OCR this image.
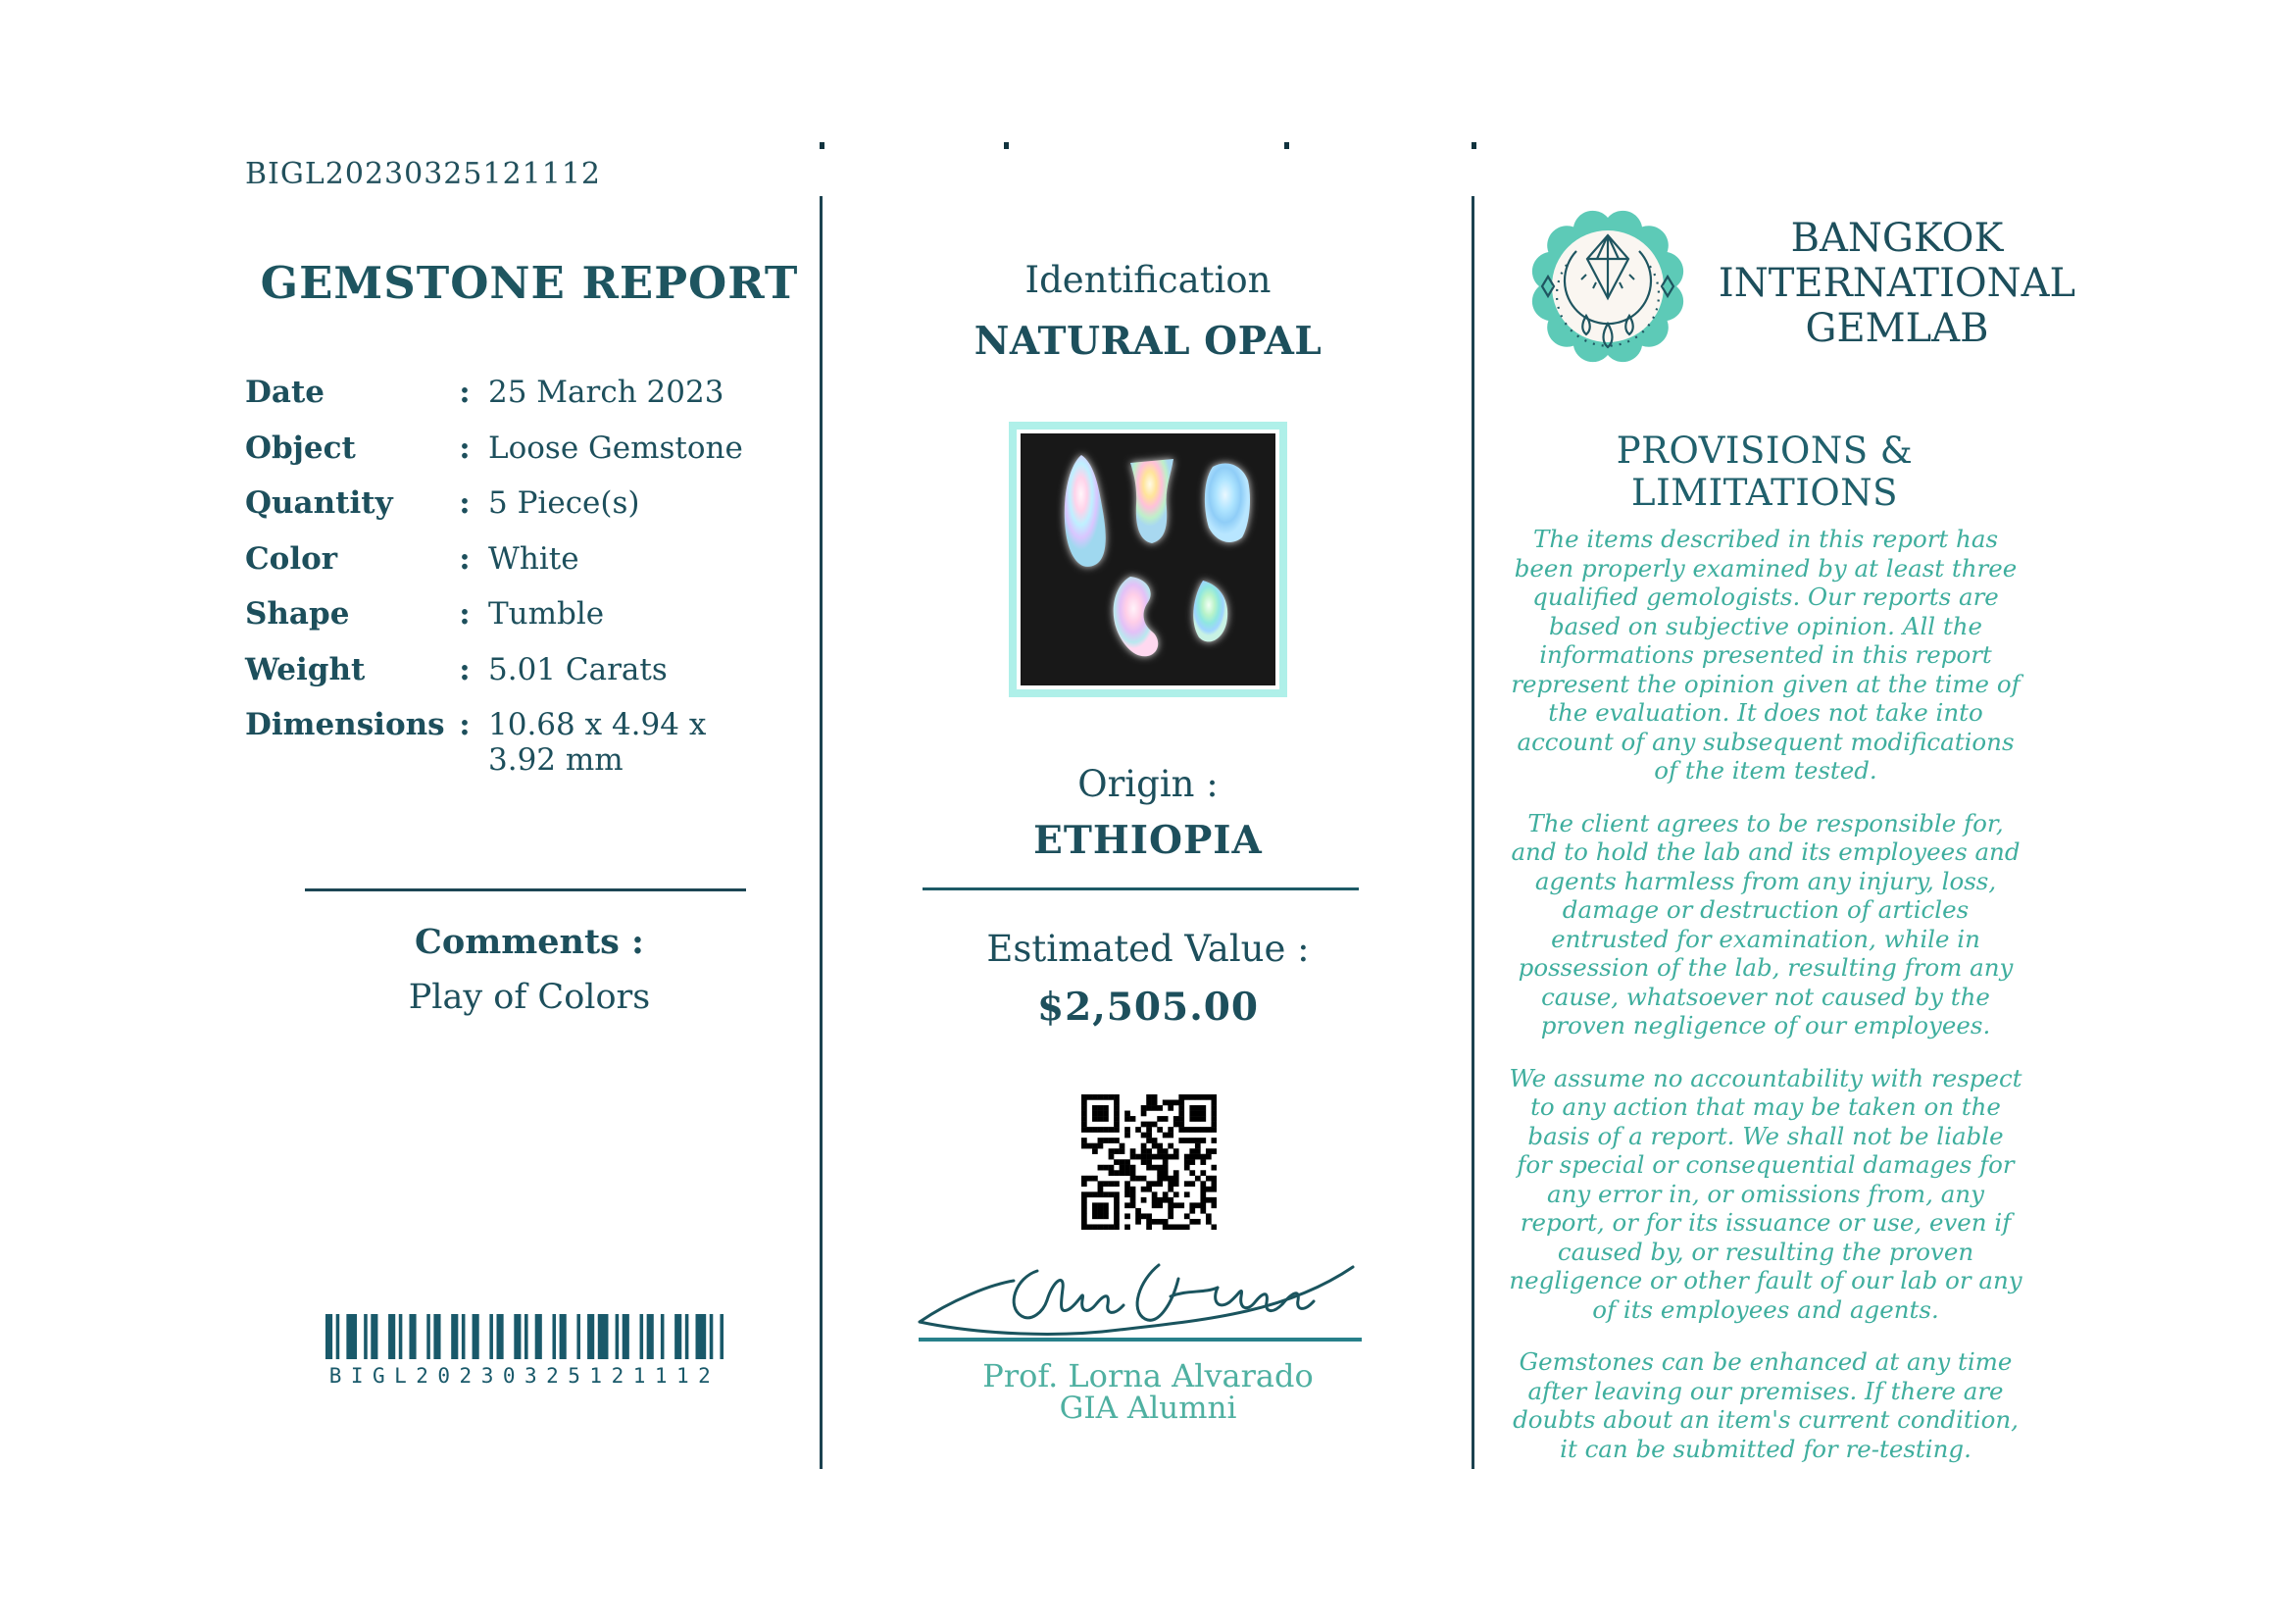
BIGL20230325121112
GEMSTONE REPORT
Date	: 25 March 2023
Object	: Loose Gemstone
Quantity	: 5 Piece(s)
Color	: White
Shape	: Tumble
Weight	: 5.01 Carats
Dimensions : 10.68 x 4.94 x 3.92 mm
Comments :
Play of Colors
BIGL20230325121112
Identification
NATURAL OPAL
Origin :
ETHIOPIA
Estimated Value :
$2,505.00
Prof. Lorna Alvarado
GIA Alumni
BANGKOK
INTERNATIONAL
GEMLAB
PROVISIONS & LIMITATIONS

The items described in this report has been properly examined by at least three qualified gemologists. Our reports are based on subjective opinion. All the informations presented in this report represent the opinion given at the time of the evaluation. It does not take into account of any subsequent modifications of the item tested.

The client agrees to be responsible for, and to hold the lab and its employees and agents harmless from any injury, loss, damage or destruction of articles entrusted for examination, while in possession of the lab, resulting from any cause, whatsoever not caused by the proven negligence of our employees.

We assume no accountability with respect to any action that may be taken on the basis of a report. We shall not be liable for special or consequential damages for any error in, or omissions from, any report, or for its issuance or use, even if caused by, or resulting the proven negligence or other fault of our lab or any of its employees and agents.

Gemstones can be enhanced at any time after leaving our premises. If there are doubts about an item's current condition, it can be submitted for re-testing.
